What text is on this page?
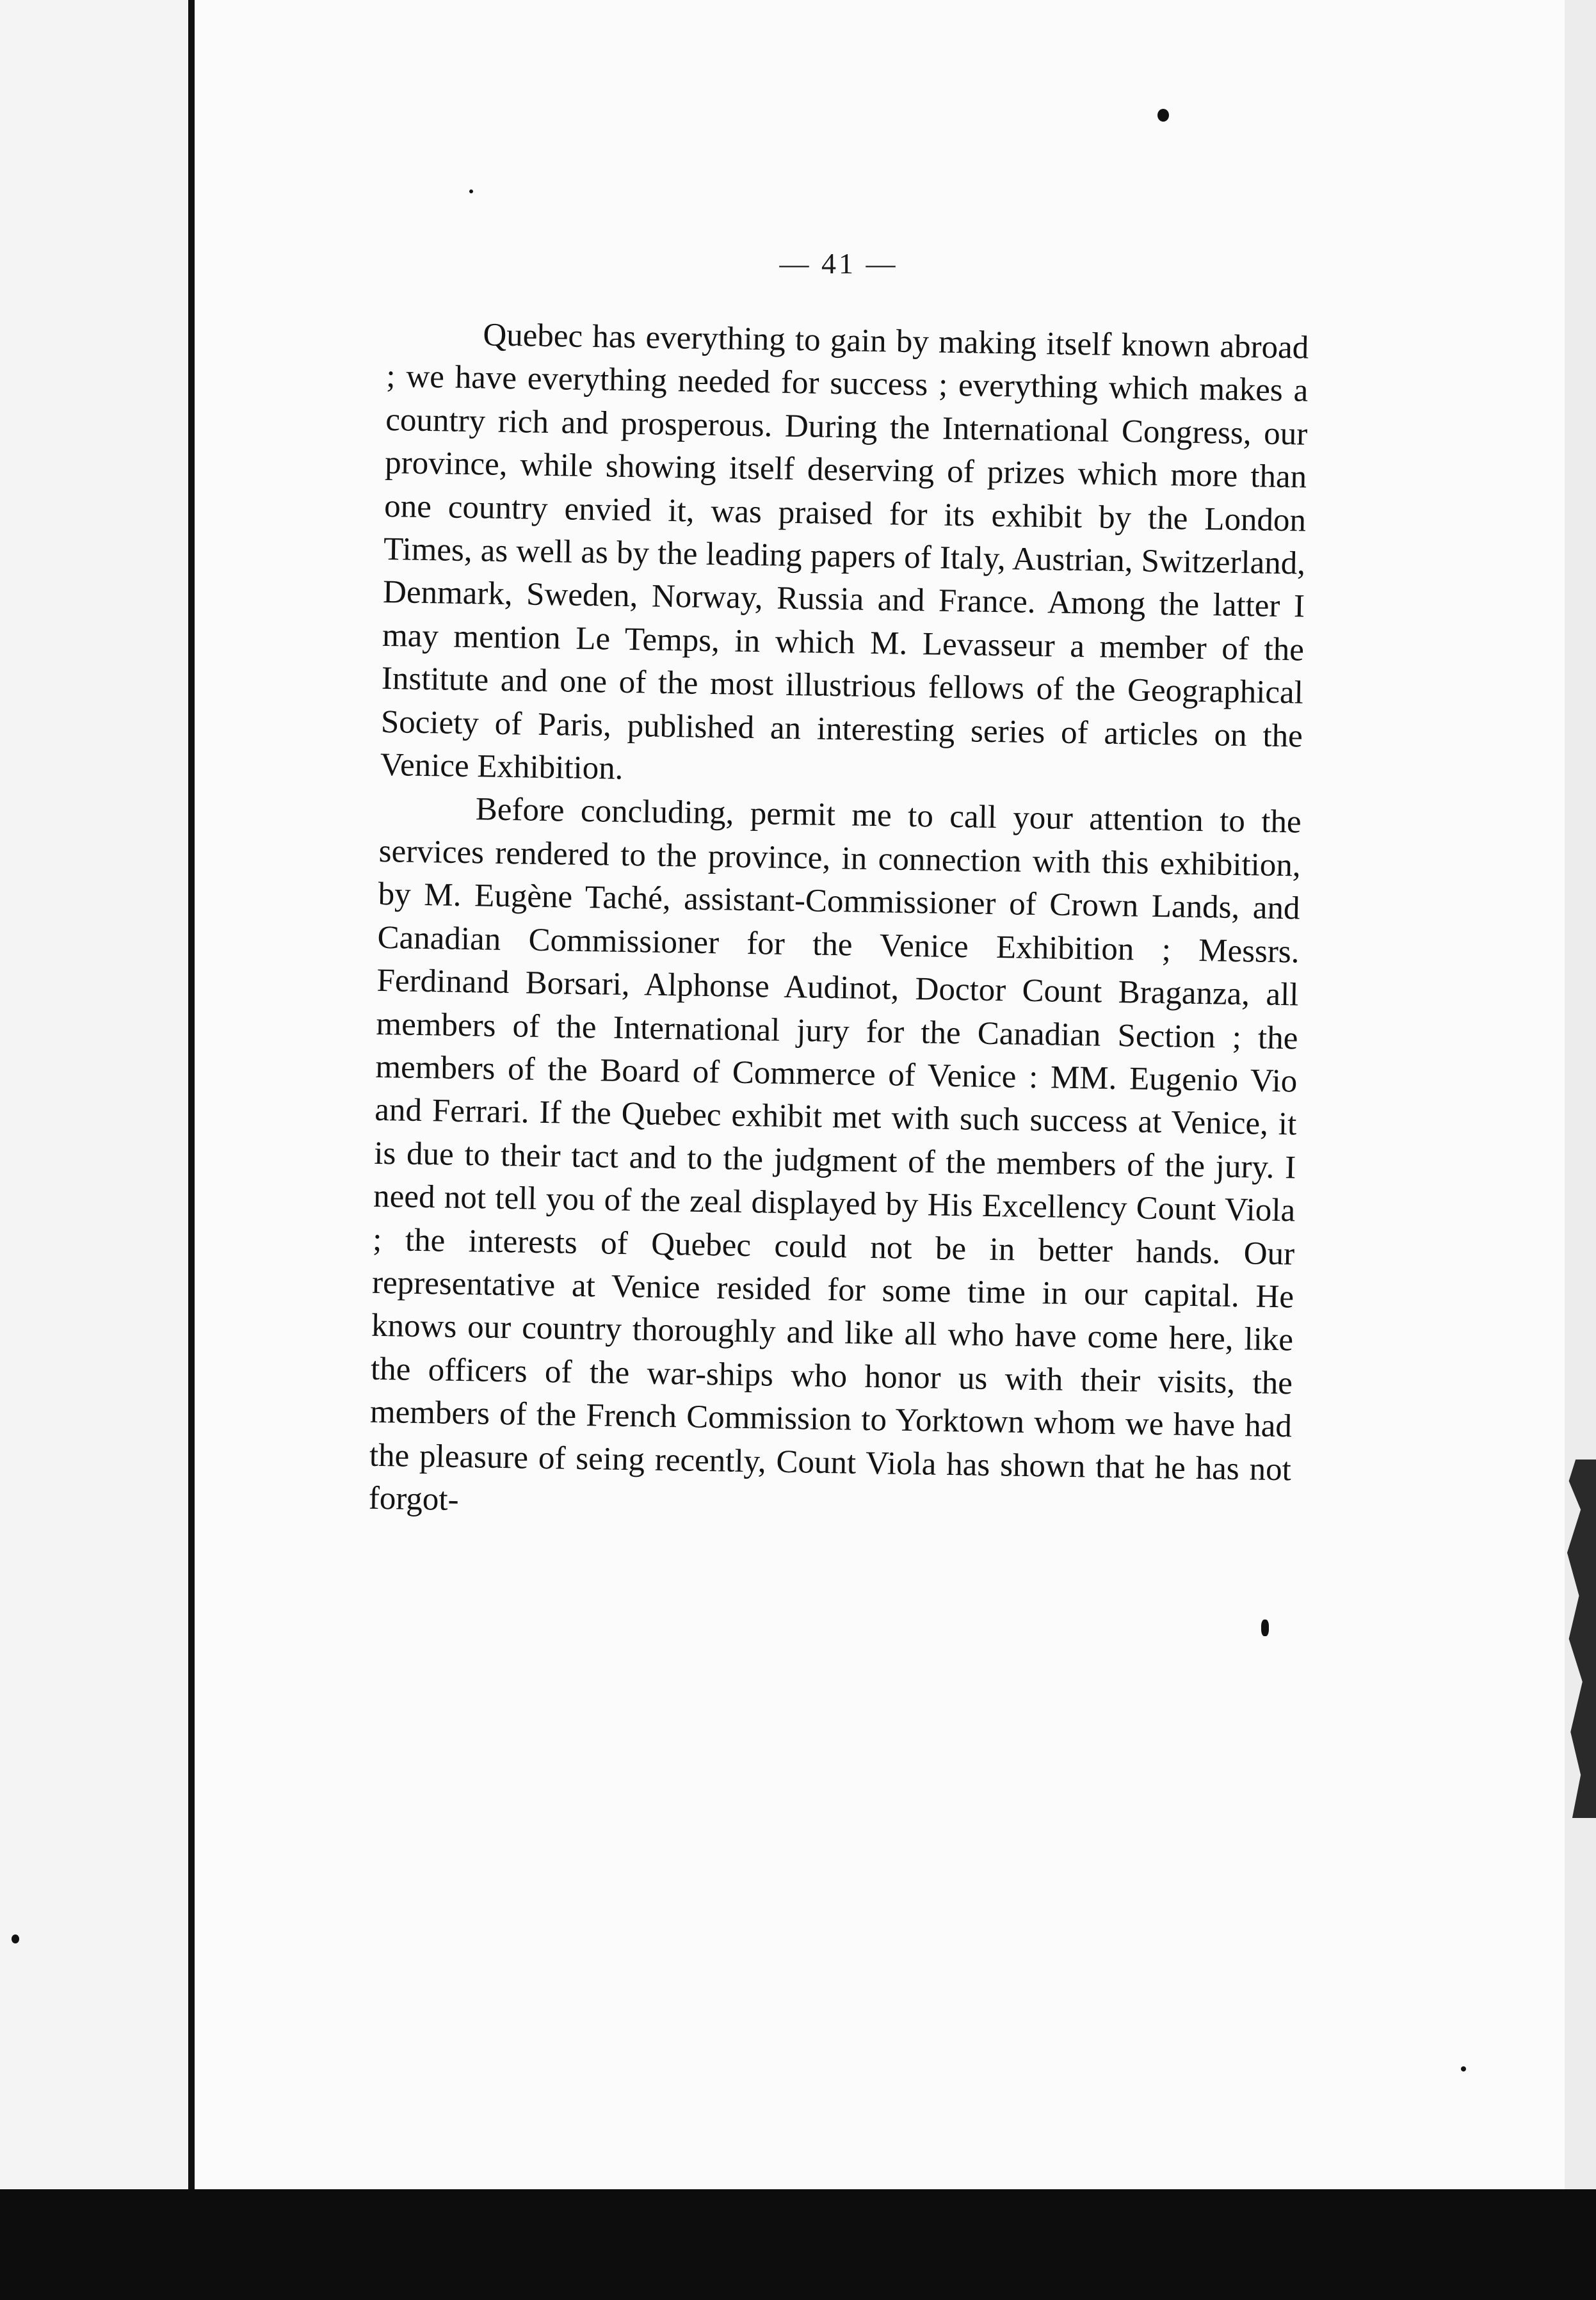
— 41 —

Quebec has everything to gain by making itself known abroad ; we have everything needed for success ; everything which makes a country rich and prosperous. During the International Congress, our province, while showing itself deserving of prizes which more than one country envied it, was praised for its exhibit by the London Times, as well as by the leading papers of Italy, Austrian, Switzerland, Denmark, Sweden, Norway, Russia and France. Among the latter I may mention Le Temps, in which M. Levasseur a member of the Institute and one of the most illustrious fellows of the Geographical Society of Paris, published an interesting series of articles on the Venice Exhibition.

Before concluding, permit me to call your attention to the services rendered to the province, in connection with this exhibition, by M. Eugène Taché, assistant-Commissioner of Crown Lands, and Canadian Commissioner for the Venice Exhibition ; Messrs. Ferdinand Borsari, Alphonse Audinot, Doctor Count Braganza, all members of the International jury for the Canadian Section ; the members of the Board of Commerce of Venice : MM. Eugenio Vio and Ferrari. If the Quebec exhibit met with such success at Venice, it is due to their tact and to the judgment of the members of the jury. I need not tell you of the zeal displayed by His Excellency Count Viola ; the interests of Quebec could not be in better hands. Our representative at Venice resided for some time in our capital. He knows our country thoroughly and like all who have come here, like the officers of the war-ships who honor us with their visits, the members of the French Commission to Yorktown whom we have had the pleasure of seing recently, Count Viola has shown that he has not forgot-
